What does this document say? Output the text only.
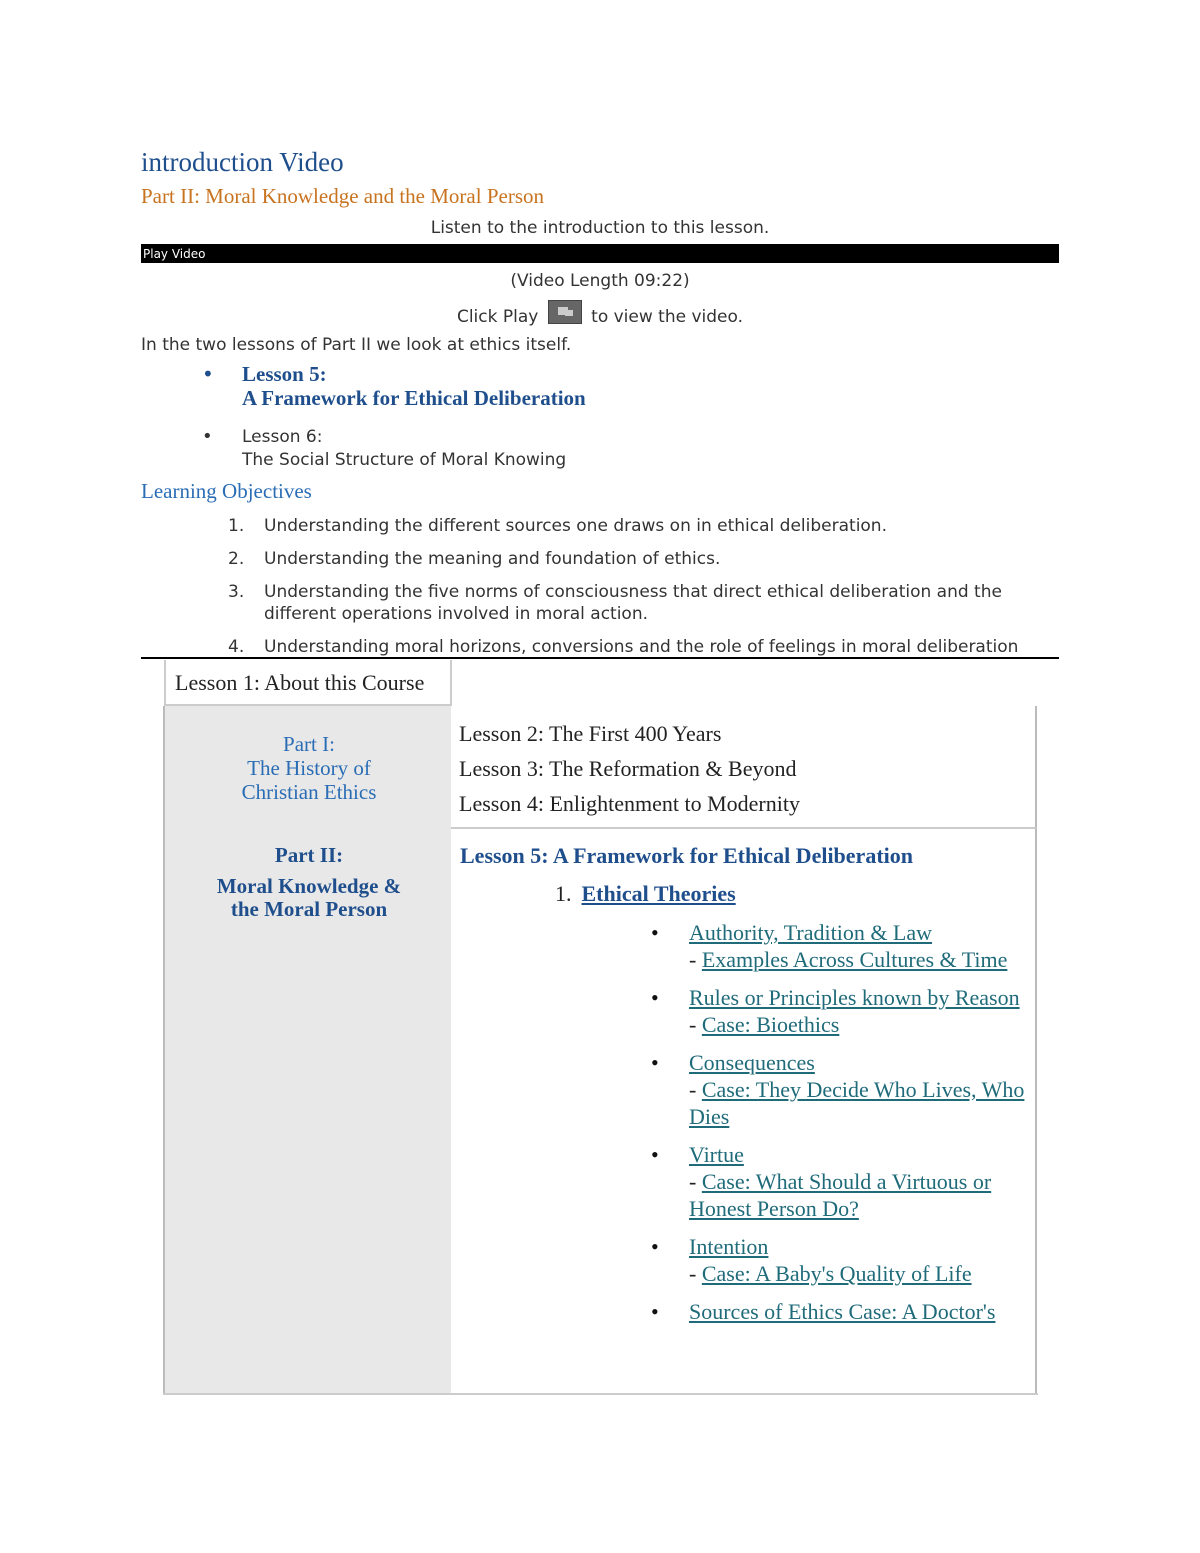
introduction Video
Part II: Moral Knowledge and the Moral Person
Listen to the introduction to this lesson.
Play Video
(Video Length 09:22)
Click Play	to view the video.
In the two lessons of Part II we look at ethics itself.
• Lesson 5:
A Framework for Ethical Deliberation
• Lesson 6:
The Social Structure of Moral Knowing
Learning Objectives
1. Understanding the different sources one draws on in ethical deliberation.
2. Understanding the meaning and foundation of ethics.
3. Understanding the five norms of consciousness that direct ethical deliberation and the different operations involved in moral action.
4. Understanding moral horizons, conversions and the role of feelings in moral deliberation
Lesson 1: About this Course
Part I:
The History of
Christian Ethics
Part II:
Moral Knowledge &
the Moral Person
Lesson 2: The First 400 Years
Lesson 3: The Reformation & Beyond
Lesson 4: Enlightenment to Modernity
Lesson 5: A Framework for Ethical Deliberation
1. Ethical Theories
• Authority, Tradition & Law
- Examples Across Cultures & Time
• Rules or Principles known by Reason
- Case: Bioethics
• Consequences
- Case: They Decide Who Lives, Who Dies
• Virtue
- Case: What Should a Virtuous or Honest Person Do?
• Intention
- Case: A Baby's Quality of Life
• Sources of Ethics Case: A Doctor's
